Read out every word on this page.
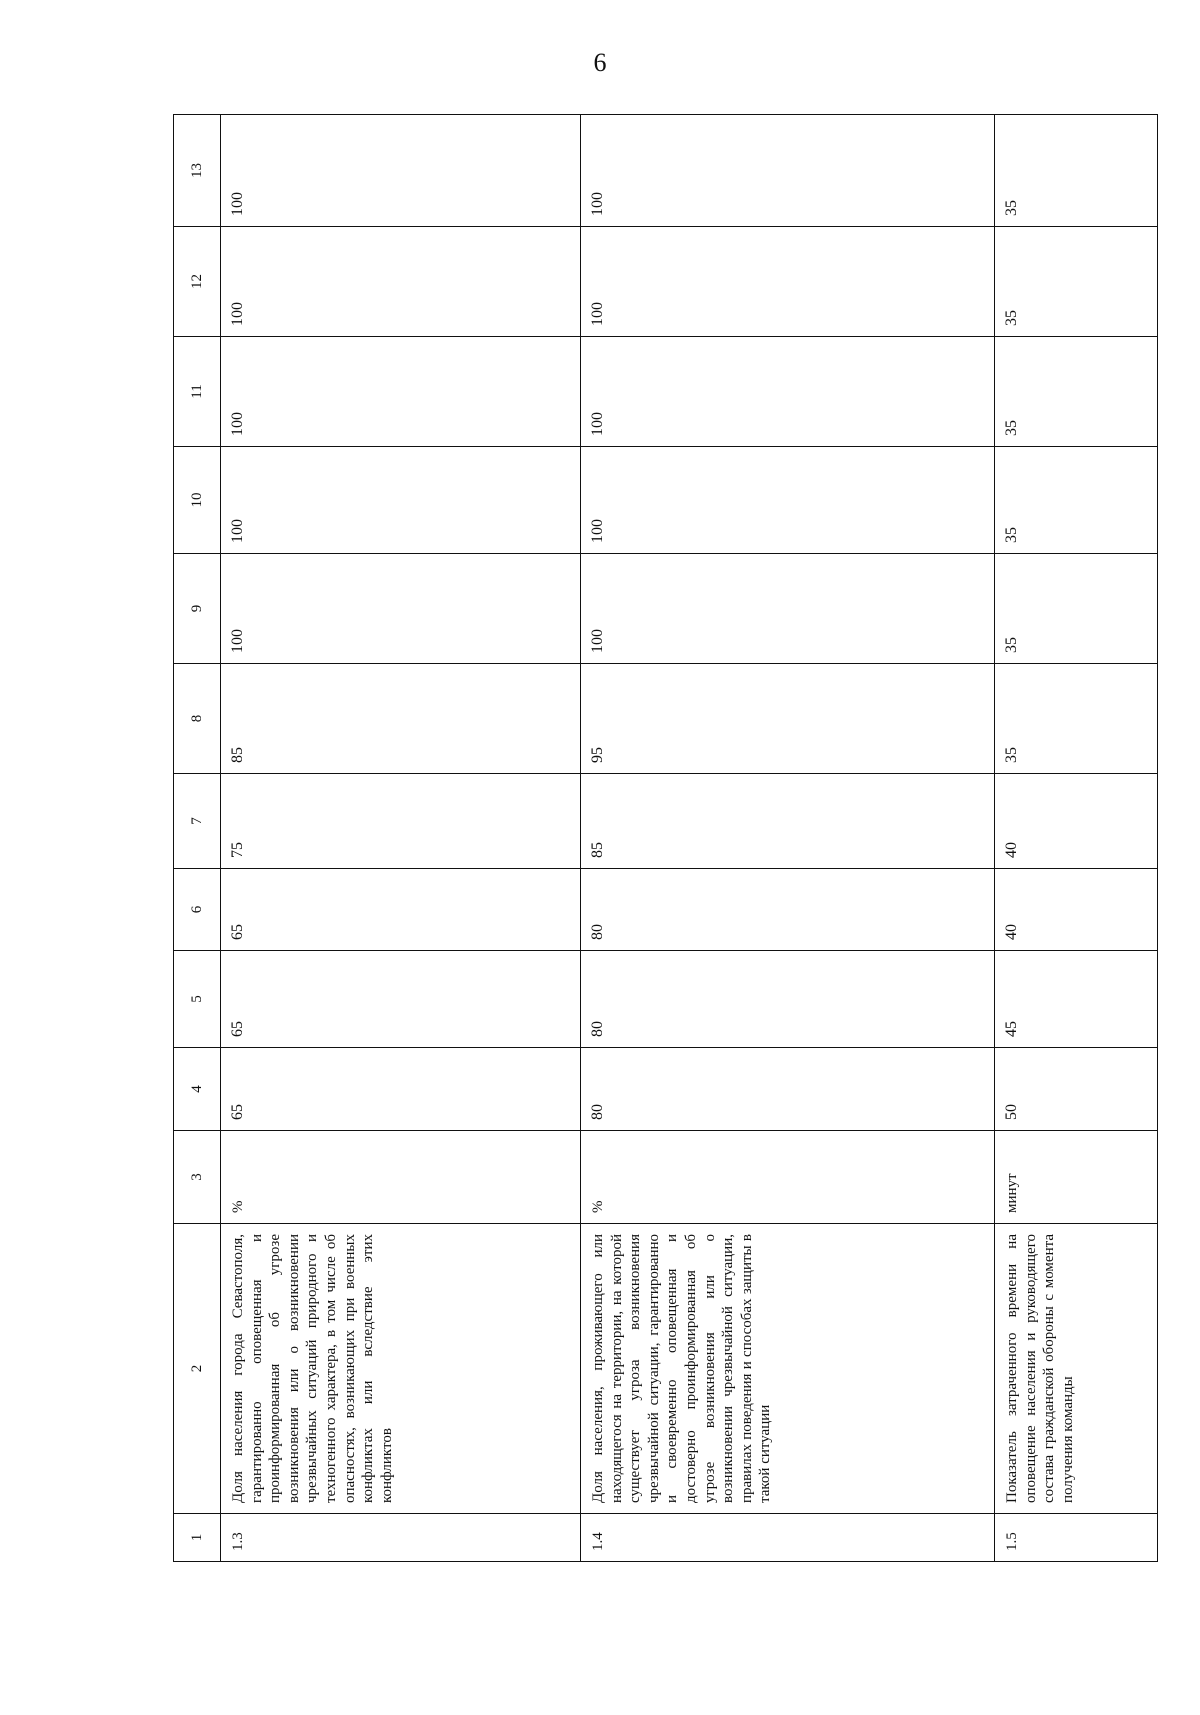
6
1	2	3	4	5	6	7	8	9	10	11	12	13
1.3	Доля населения города Севастополя, гарантированно оповещенная и проинформированная об угрозе возникновения или о возникновении чрезвычайных ситуаций природного и техногенного характера, в том числе об опасностях, возникающих при военных конфликтах или вследствие этих конфликтов	%	65	65	65	75	85	100	100	100	100	100
1.4	Доля населения, проживающего или находящегося на территории, на которой существует угроза возникновения чрезвычайной ситуации, гарантированно и своевременно оповещенная и достоверно проинформированная об угрозе возникновения или о возникновении чрезвычайной ситуации, правилах поведения и способах защиты в такой ситуации	%	80	80	80	85	95	100	100	100	100	100
1.5	Показатель затраченного времени на оповещение населения и руководящего состава гражданской обороны с момента получения команды	минут	50	45	40	40	35	35	35	35	35	35
